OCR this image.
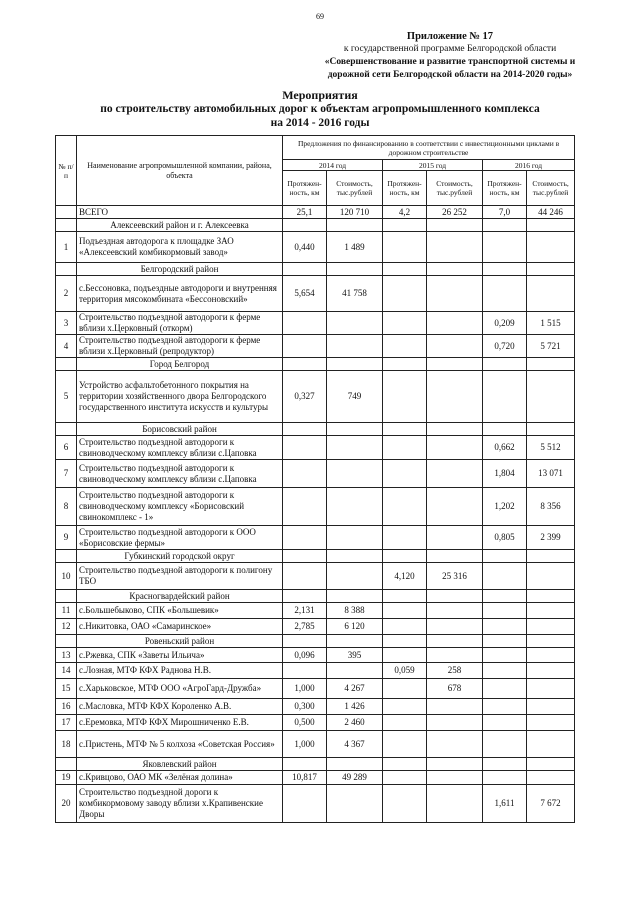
69
Приложение № 17
к государственной программе Белгородской области
«Совершенствование и развитие транспортной системы и
дорожной сети Белгородской области на 2014-2020 годы»
Мероприятия
по строительству автомобильных дорог к объектам агропромышленного комплекса
на 2014 - 2016 годы
№ п/п	Наименование агропромышленной компании, района, объекта	Предложения по финансированию в соответствии с инвестиционными циклами в дорожном строительстве					
		2014 год		2015 год		2016 год	
		Протяжен-ность, км	Стоимость, тыс.рублей	Протяжен-ность, км	Стоимость, тыс.рублей	Протяжен-ность, км	Стоимость, тыс.рублей
	ВСЕГО	25,1	120 710	4,2	26 252	7,0	44 246
	Алексеевский район и г. Алексеевка						
1	Подъездная автодорога к площадке ЗАО «Алексеевский комбикормовый завод»	0,440	1 489				
	Белгородский район						
2	с.Бессоновка, подъездные автодороги и внутренняя территория мясокомбината «Бессоновский»	5,654	41 758				
3	Строительство подъездной автодороги к ферме вблизи х.Церковный (откорм)					0,209	1 515
4	Строительство подъездной автодороги к ферме вблизи х.Церковный (репродуктор)					0,720	5 721
	Город Белгород						
5	Устройство асфальтобетонного покрытия на территории хозяйственного двора Белгородского государственного института искусств и культуры	0,327	749				
	Борисовский район						
6	Строительство подъездной автодороги к свиноводческому комплексу вблизи с.Цаповка					0,662	5 512
7	Строительство подъездной автодороги к свиноводческому комплексу вблизи с.Цаповка					1,804	13 071
8	Строительство подъездной автодороги к свиноводческому комплексу «Борисовский свинокомплекс - 1»					1,202	8 356
9	Строительство подъездной автодороги к ООО «Борисовские фермы»					0,805	2 399
	Губкинский городской округ						
10	Строительство подъездной автодороги к полигону ТБО			4,120	25 316		
	Красногвардейский район						
11	с.Большебыково, СПК «Большевик»	2,131	8 388				
12	с.Никитовка, ОАО «Самаринское»	2,785	6 120				
	Ровеньский район						
13	с.Ржевка, СПК «Заветы Ильича»	0,096	395				
14	с.Лозная, МТФ КФХ Раднова Н.В.			0,059	258		
15	с.Харьковское, МТФ ООО «АгроГард-Дружба»	1,000	4 267		678		
16	с.Масловка, МТФ КФХ Короленко А.В.	0,300	1 426				
17	с.Еремовка, МТФ КФХ Мирошниченко Е.В.	0,500	2 460				
18	с.Пристень, МТФ № 5 колхоза «Советская Россия»	1,000	4 367				
	Яковлевский район						
19	с.Кривцово, ОАО МК «Зелёная долина»	10,817	49 289				
20	Строительство подъездной дороги к комбикормовому заводу вблизи х.Крапивенские Дворы					1,611	7 672
